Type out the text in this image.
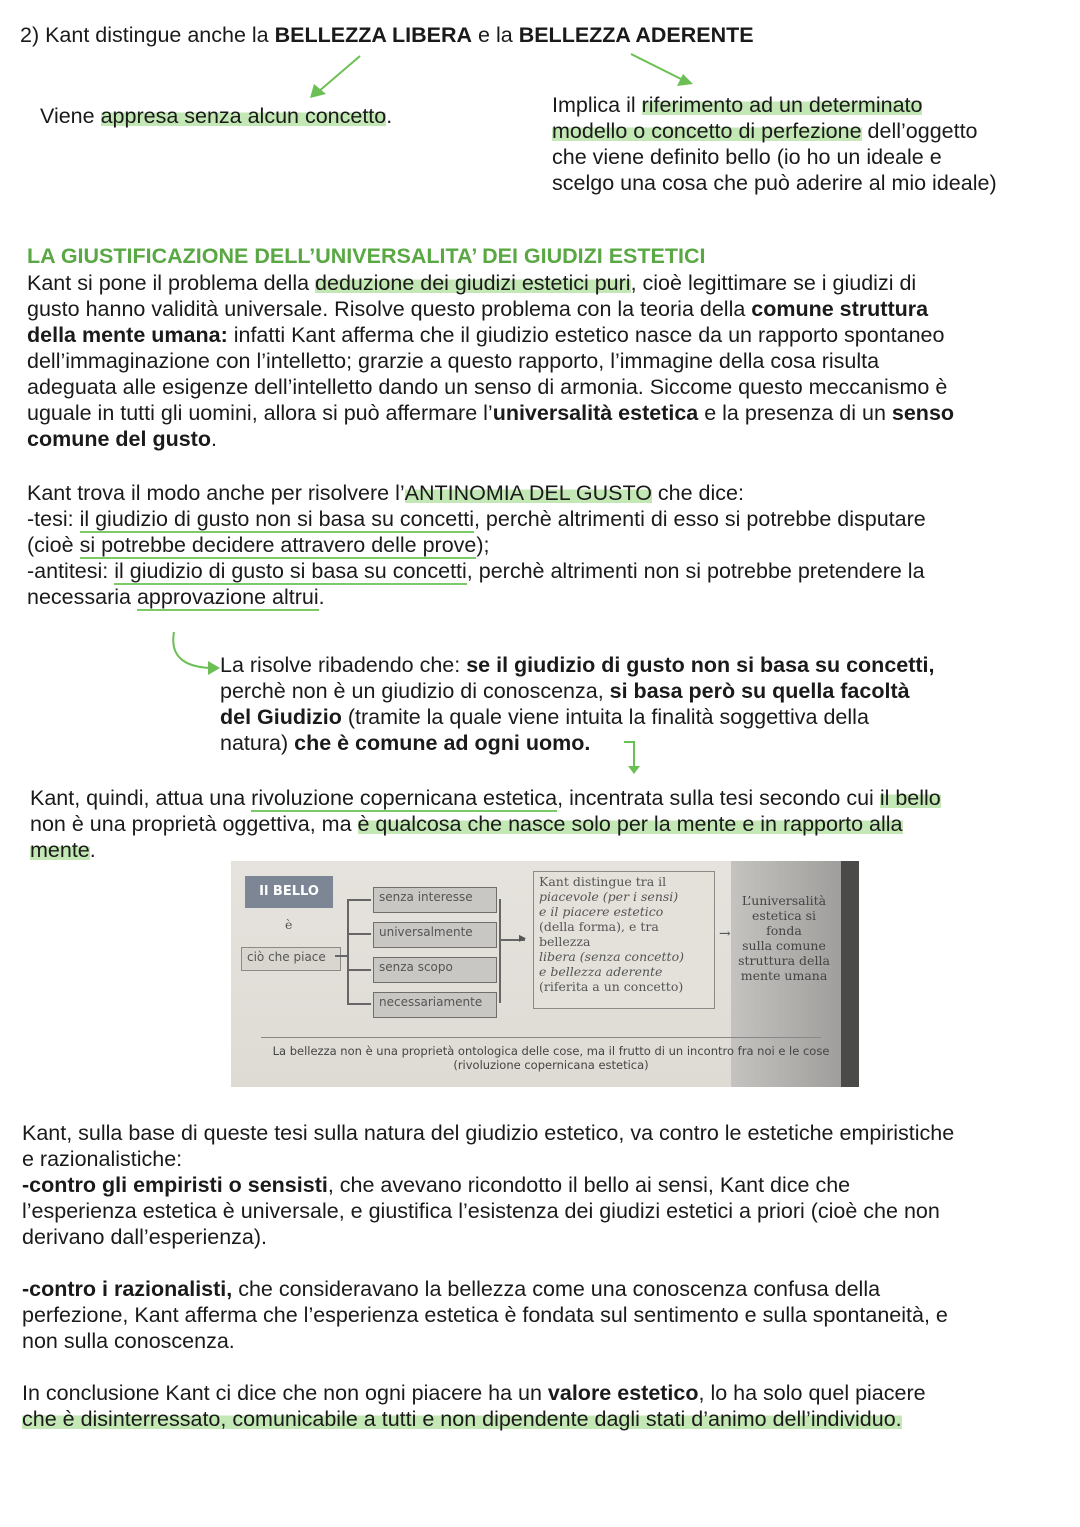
2) Kant distingue anche la BELLEZZA LIBERA e la BELLEZZA ADERENTE
Viene appresa senza alcun concetto.	Implica il riferimento ad un determinato
modello o concetto di perfezione dell’oggetto
che viene definito bello (io ho un ideale e
scelgo una cosa che può aderire al mio ideale)
LA GIUSTIFICAZIONE DELL’UNIVERSALITA’ DEI GIUDIZI ESTETICI
Kant si pone il problema della deduzione dei giudizi estetici puri, cioè legittimare se i giudizi di
gusto hanno validità universale. Risolve questo problema con la teoria della comune struttura
della mente umana: infatti Kant afferma che il giudizio estetico nasce da un rapporto spontaneo
dell’immaginazione con l’intelletto; grarzie a questo rapporto, l’immagine della cosa risulta
adeguata alle esigenze dell’intelletto dando un senso di armonia. Siccome questo meccanismo è
uguale in tutti gli uomini, allora si può affermare l’universalità estetica e la presenza di un senso
comune del gusto.
Kant trova il modo anche per risolvere l’ANTINOMIA DEL GUSTO che dice:
-tesi: il giudizio di gusto non si basa su concetti, perchè altrimenti di esso si potrebbe disputare
(cioè si potrebbe decidere attravero delle prove);
-antitesi: il giudizio di gusto si basa su concetti, perchè altrimenti non si potrebbe pretendere la
necessaria approvazione altrui.
La risolve ribadendo che: se il giudizio di gusto non si basa su concetti,
perchè non è un giudizio di conoscenza, si basa però su quella facoltà
del Giudizio (tramite la quale viene intuita la finalità soggettiva della
natura) che è comune ad ogni uomo.
Kant, quindi, attua una rivoluzione copernicana estetica, incentrata sulla tesi secondo cui il bello
non è una proprietà oggettiva, ma è qualcosa che nasce solo per la mente e in rapporto alla
mente.
Il BELLO
è
ciò che piace
senza interesse
universalmente
senza scopo
necessariamente
▸
Kant distingue tra il
piacevole (per i sensi)
e il piacere estetico
(della forma), e tra bellezza
libera (senza concetto)
e bellezza aderente
(riferita a un concetto)
→
L’universalità
estetica si fonda
sulla comune
struttura della
mente umana
La bellezza non è una proprietà ontologica delle cose, ma il frutto di un incontro fra noi e le cose
(rivoluzione copernicana estetica)
Kant, sulla base di queste tesi sulla natura del giudizio estetico, va contro le estetiche empiristiche
e razionalistiche:
-contro gli empiristi o sensisti, che avevano ricondotto il bello ai sensi, Kant dice che
l’esperienza estetica è universale, e giustifica l’esistenza dei giudizi estetici a priori (cioè che non
derivano dall’esperienza).
-contro i razionalisti, che consideravano la bellezza come una conoscenza confusa della
perfezione, Kant afferma che l’esperienza estetica è fondata sul sentimento e sulla spontaneità, e
non sulla conoscenza.
In conclusione Kant ci dice che non ogni piacere ha un valore estetico, lo ha solo quel piacere
che è disinterressato, comunicabile a tutti e non dipendente dagli stati d’animo dell’individuo.
